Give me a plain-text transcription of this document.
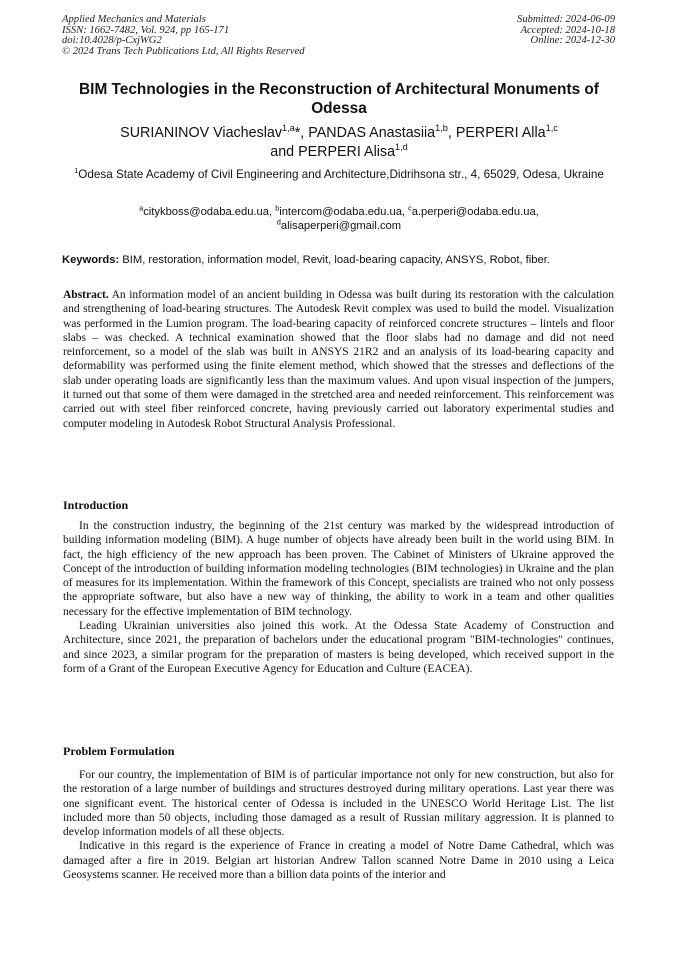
Applied Mechanics and Materials
ISSN: 1662-7482, Vol. 924, pp 165-171
doi:10.4028/p-CxjWG2
© 2024 Trans Tech Publications Ltd, All Rights Reserved
Submitted: 2024-06-09
Accepted: 2024-10-18
Online: 2024-12-30
BIM Technologies in the Reconstruction of Architectural Monuments of Odessa
SURIANINOV Viacheslav$^{1,a}$*, PANDAS Anastasiia$^{1,b}$, PERPERI Alla$^{1,c}$
and PERPERI Alisa$^{1,d}$
$^1$Odesa State Academy of Civil Engineering and Architecture,Didrihsona str., 4, 65029, Odesa, Ukraine
$^a$citykboss@odaba.edu.ua, $^b$intercom@odaba.edu.ua, $^c$a.perperi@odaba.edu.ua,
$^d$alisaperperi@gmail.com
Keywords: BIM, restoration, information model, Revit, load-bearing capacity, ANSYS, Robot, fiber.

Abstract. An information model of an ancient building in Odessa was built during its restoration with the calculation and strengthening of load-bearing structures. The Autodesk Revit complex was used to build the model. Visualization was performed in the Lumion program. The load-bearing capacity of reinforced concrete structures – lintels and floor slabs – was checked. A technical examination showed that the floor slabs had no damage and did not need reinforcement, so a model of the slab was built in ANSYS 21R2 and an analysis of its load-bearing capacity and deformability was performed using the finite element method, which showed that the stresses and deflections of the slab under operating loads are significantly less than the maximum values. And upon visual inspection of the jumpers, it turned out that some of them were damaged in the stretched area and needed reinforcement. This reinforcement was carried out with steel fiber reinforced concrete, having previously carried out laboratory experimental studies and computer modeling in Autodesk Robot Structural Analysis Professional.

Introduction

In the construction industry, the beginning of the 21st century was marked by the widespread introduction of building information modeling (BIM). A huge number of objects have already been built in the world using BIM. In fact, the high efficiency of the new approach has been proven. The Cabinet of Ministers of Ukraine approved the Concept of the introduction of building information modeling technologies (BIM technologies) in Ukraine and the plan of measures for its implementation. Within the framework of this Concept, specialists are trained who not only possess the appropriate software, but also have a new way of thinking, the ability to work in a team and other qualities necessary for the effective implementation of BIM technology.

Leading Ukrainian universities also joined this work. At the Odessa State Academy of Construction and Architecture, since 2021, the preparation of bachelors under the educational program "BIM-technologies" continues, and since 2023, a similar program for the preparation of masters is being developed, which received support in the form of a Grant of the European Executive Agency for Education and Culture (EACEA).

Problem Formulation

For our country, the implementation of BIM is of particular importance not only for new construction, but also for the restoration of a large number of buildings and structures destroyed during military operations. Last year there was one significant event. The historical center of Odessa is included in the UNESCO World Heritage List. The list included more than 50 objects, including those damaged as a result of Russian military aggression. It is planned to develop information models of all these objects.

Indicative in this regard is the experience of France in creating a model of Notre Dame Cathedral, which was damaged after a fire in 2019. Belgian art historian Andrew Tallon scanned Notre Dame in 2010 using a Leica Geosystems scanner. He received more than a billion data points of the interior and
